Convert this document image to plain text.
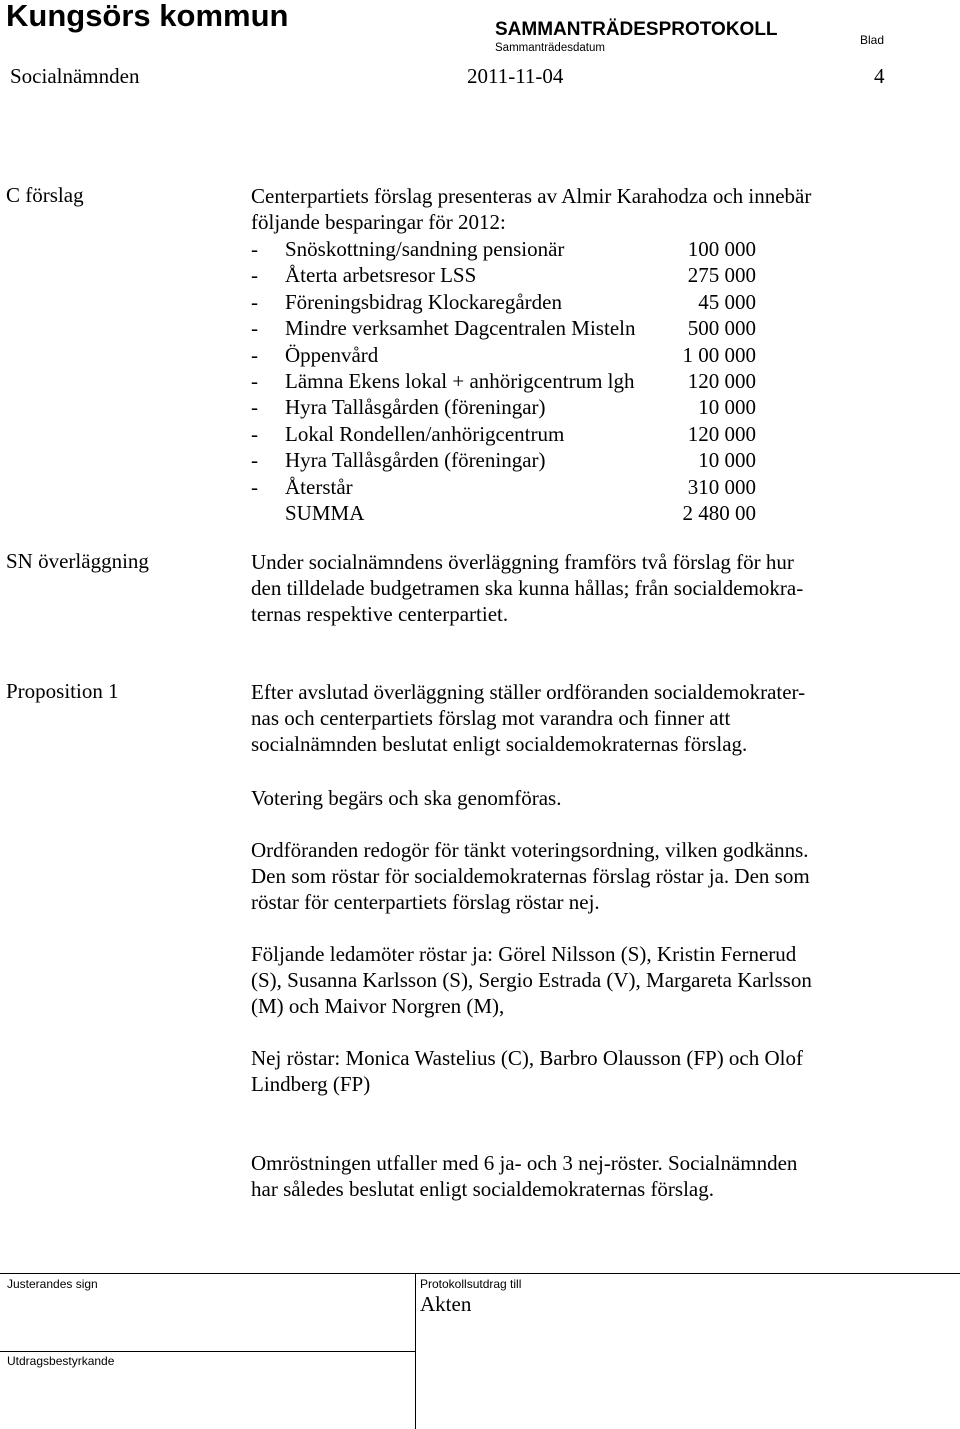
Kungsörs kommun	SAMMANTRÄDESPROTOKOLL
Sammanträdesdatum
Blad
Socialnämnden	2011-11-04	4
C förslag	Centerpartiets förslag presenteras av Almir Karahodza och innebär
följande besparingar för 2012:
- Snöskottning/sandning pensionär	100 000
- Återta arbetsresor LSS	275 000
- Föreningsbidrag Klockaregården	45 000
- Mindre verksamhet Dagcentralen Misteln 500 000
- Öppenvård	1 00 000
- Lämna Ekens lokal + anhörigcentrum lgh	120 000
- Hyra Tallåsgården (föreningar)	10 000
- Lokal Rondellen/anhörigcentrum	120 000
- Hyra Tallåsgården (föreningar)	10 000
- Återstår	310 000
SUMMA	2 480 00
SN överläggning	Under socialnämndens överläggning framförs två förslag för hur
den tilldelade budgetramen ska kunna hållas; från socialdemokra-
ternas respektive centerpartiet.
Proposition 1	Efter avslutad överläggning ställer ordföranden socialdemokrater-
nas och centerpartiets förslag mot varandra och finner att
socialnämnden beslutat enligt socialdemokraternas förslag.
Votering begärs och ska genomföras.
Ordföranden redogör för tänkt voteringsordning, vilken godkänns.
Den som röstar för socialdemokraternas förslag röstar ja. Den som
röstar för centerpartiets förslag röstar nej.
Följande ledamöter röstar ja: Görel Nilsson (S), Kristin Fernerud
(S), Susanna Karlsson (S), Sergio Estrada (V), Margareta Karlsson
(M) och Maivor Norgren (M),
Nej röstar: Monica Wastelius (C), Barbro Olausson (FP) och Olof
Lindberg (FP)
Omröstningen utfaller med 6 ja- och 3 nej-röster. Socialnämnden
har således beslutat enligt socialdemokraternas förslag.
Justerandes sign	Protokollsutdrag till
Akten
Utdragsbestyrkande
